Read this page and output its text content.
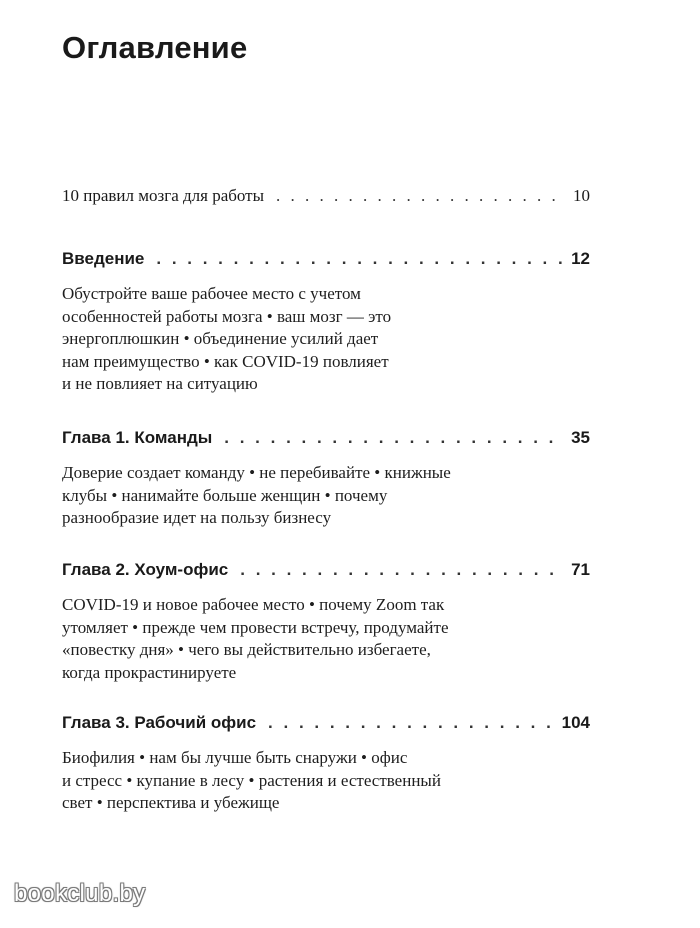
Оглавление
10 правил мозга для работы . . .	10
Введение . . .	12
Обустройте ваше рабочее место с учетом
особенностей работы мозга • ваш мозг — это
энергоплюшкин • объединение усилий дает
нам преимущество • как COVID-19 повлияет
и не повлияет на ситуацию
Глава 1. Команды . . .	35
Доверие создает команду • не перебивайте • книжные
клубы • нанимайте больше женщин • почему
разнообразие идет на пользу бизнесу
Глава 2. Хоум-офис . . .	71
COVID-19 и новое рабочее место • почему Zoom так
утомляет • прежде чем провести встречу, продумайте
«повестку дня» • чего вы действительно избегаете,
когда прокрастинируете
Глава 3. Рабочий офис . . .	104
Биофилия • нам бы лучше быть снаружи • офис
и стресс • купание в лесу • растения и естественный
свет • перспектива и убежище
bookclub.by
